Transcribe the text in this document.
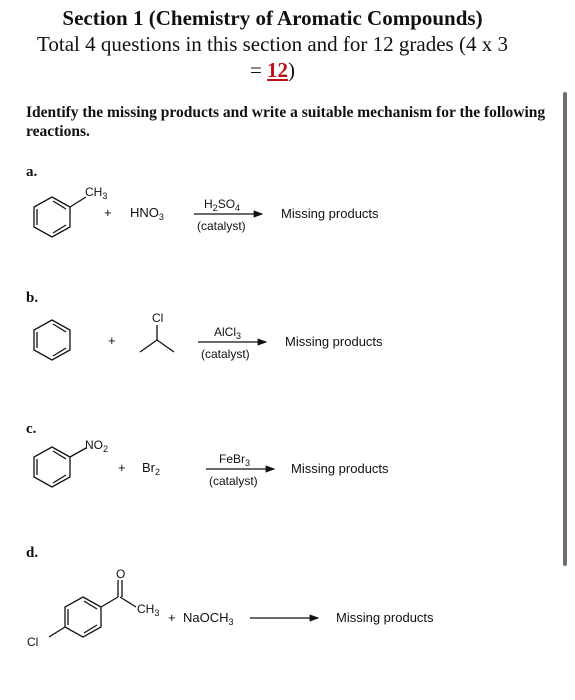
Section 1 (Chemistry of Aromatic Compounds)
Total 4 questions in this section and for 12 grades (4 x 3
= 12)
Identify the missing products and write a suitable mechanism for the following reactions.
a.
b.
c.
d.
$CH_3$
+ $HNO_3$
$H_2SO_4$
(catalyst)
Missing products
+
Cl
AlCl$_3$
(catalyst)
Missing products
$NO_2$
+ $Br_2$
FeBr$_3$
(catalyst)
Missing products
O
$CH_3$
Cl
+ NaOCH$_3$	Missing products
